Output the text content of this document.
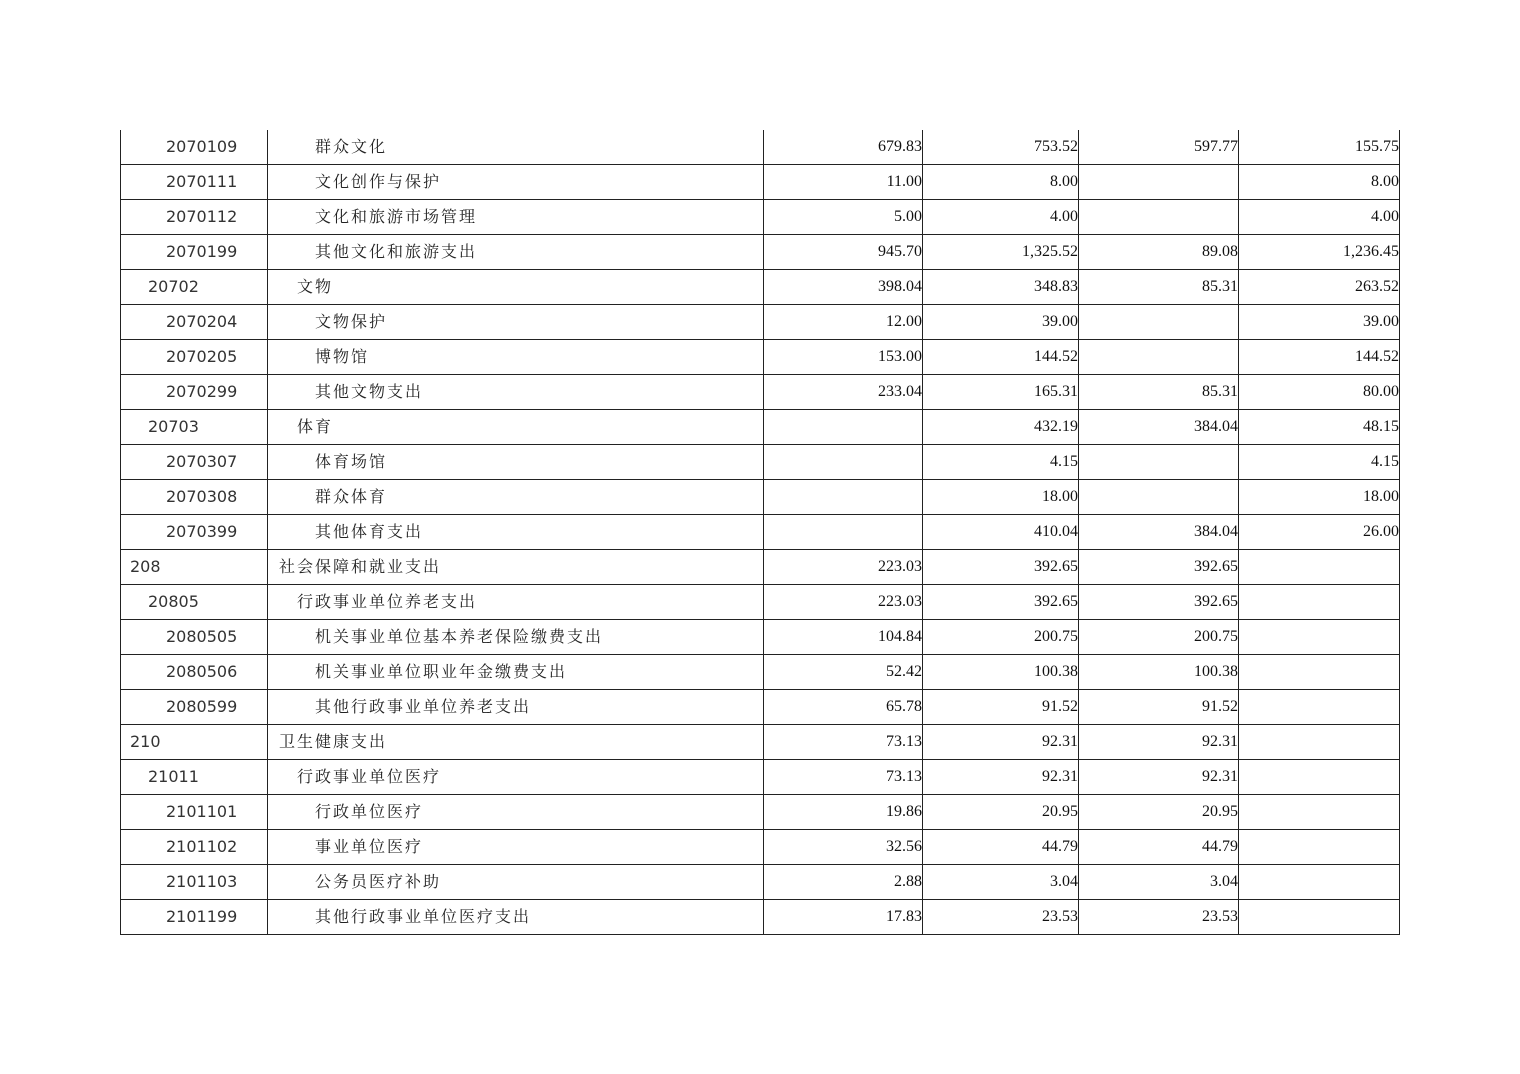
2070109	群众文化	679.83	753.52	597.77	155.75
2070111	文化创作与保护	11.00	8.00		8.00
2070112	文化和旅游市场管理	5.00	4.00		4.00
2070199	其他文化和旅游支出	945.70	1,325.52	89.08	1,236.45
20702	文物	398.04	348.83	85.31	263.52
2070204	文物保护	12.00	39.00		39.00
2070205	博物馆	153.00	144.52		144.52
2070299	其他文物支出	233.04	165.31	85.31	80.00
20703	体育		432.19	384.04	48.15
2070307	体育场馆		4.15		4.15
2070308	群众体育		18.00		18.00
2070399	其他体育支出		410.04	384.04	26.00
208	社会保障和就业支出	223.03	392.65	392.65	
20805	行政事业单位养老支出	223.03	392.65	392.65	
2080505	机关事业单位基本养老保险缴费支出	104.84	200.75	200.75	
2080506	机关事业单位职业年金缴费支出	52.42	100.38	100.38	
2080599	其他行政事业单位养老支出	65.78	91.52	91.52	
210	卫生健康支出	73.13	92.31	92.31	
21011	行政事业单位医疗	73.13	92.31	92.31	
2101101	行政单位医疗	19.86	20.95	20.95	
2101102	事业单位医疗	32.56	44.79	44.79	
2101103	公务员医疗补助	2.88	3.04	3.04	
2101199	其他行政事业单位医疗支出	17.83	23.53	23.53	
